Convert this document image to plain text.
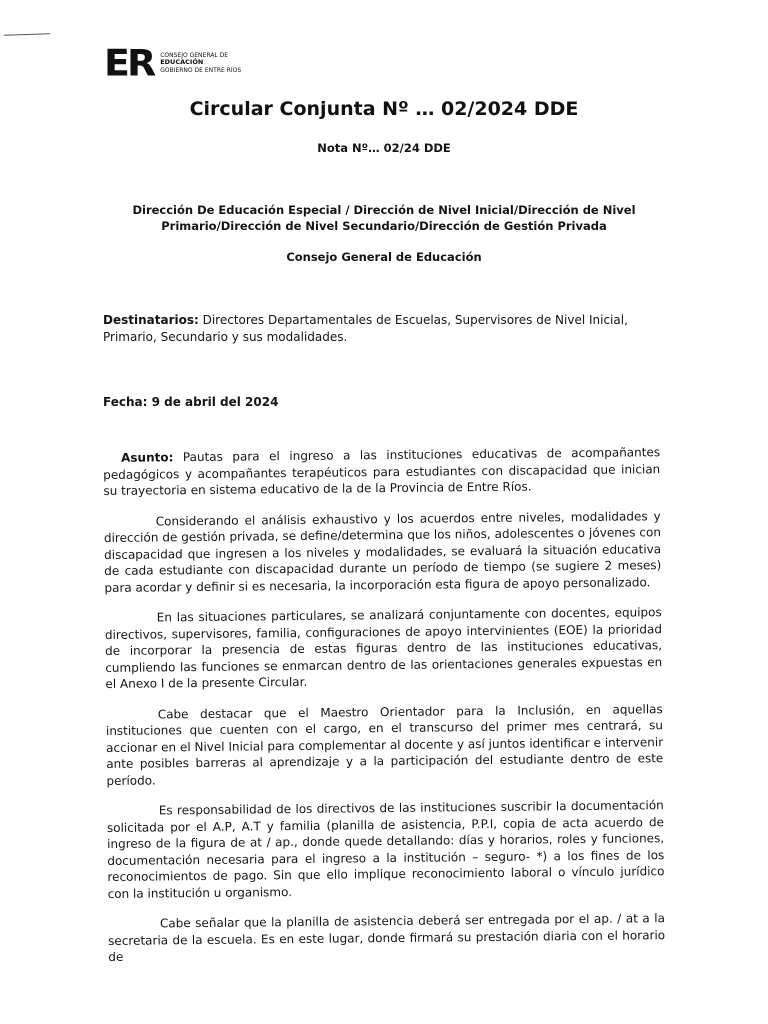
ER CONSEJO GENERAL DE
EDUCACIÓN
GOBIERNO DE ENTRE RÍOS
Circular Conjunta Nº … 02/2024 DDE
Nota Nº… 02/24 DDE
Dirección De Educación Especial / Dirección de Nivel Inicial/Dirección de Nivel Primario/Dirección de Nivel Secundario/Dirección de Gestión Privada
Consejo General de Educación
Destinatarios: Directores Departamentales de Escuelas, Supervisores de Nivel Inicial, Primario, Secundario y sus modalidades.
Fecha: 9 de abril del 2024

Asunto: Pautas para el ingreso a las instituciones educativas de acompañantes pedagógicos y acompañantes terapéuticos para estudiantes con discapacidad que inician su trayectoria en sistema educativo de la de la Provincia de Entre Ríos.

Considerando el análisis exhaustivo y los acuerdos entre niveles, modalidades y dirección de gestión privada, se define/determina que los niños, adolescentes o jóvenes con discapacidad que ingresen a los niveles y modalidades, se evaluará la situación educativa de cada estudiante con discapacidad durante un período de tiempo (se sugiere 2 meses) para acordar y definir si es necesaria, la incorporación esta figura de apoyo personalizado.

En las situaciones particulares, se analizará conjuntamente con docentes, equipos directivos, supervisores, familia, configuraciones de apoyo intervinientes (EOE) la prioridad de incorporar la presencia de estas figuras dentro de las instituciones educativas, cumpliendo las funciones se enmarcan dentro de las orientaciones generales expuestas en el Anexo I de la presente Circular.

Cabe destacar que el Maestro Orientador para la Inclusión, en aquellas instituciones que cuenten con el cargo, en el transcurso del primer mes centrará, su accionar en el Nivel Inicial para complementar al docente y así juntos identificar e intervenir ante posibles barreras al aprendizaje y a la participación del estudiante dentro de este período.

Es responsabilidad de los directivos de las instituciones suscribir la documentación solicitada por el A.P, A.T y familia (planilla de asistencia, P.P.I, copia de acta acuerdo de ingreso de la figura de at / ap., donde quede detallando: días y horarios, roles y funciones, documentación necesaria para el ingreso a la institución – seguro- *) a los fines de los reconocimientos de pago. Sin que ello implique reconocimiento laboral o vínculo jurídico con la institución u organismo.

Cabe señalar que la planilla de asistencia deberá ser entregada por el ap. / at a la secretaria de la escuela. Es en este lugar, donde firmará su prestación diaria con el horario de
